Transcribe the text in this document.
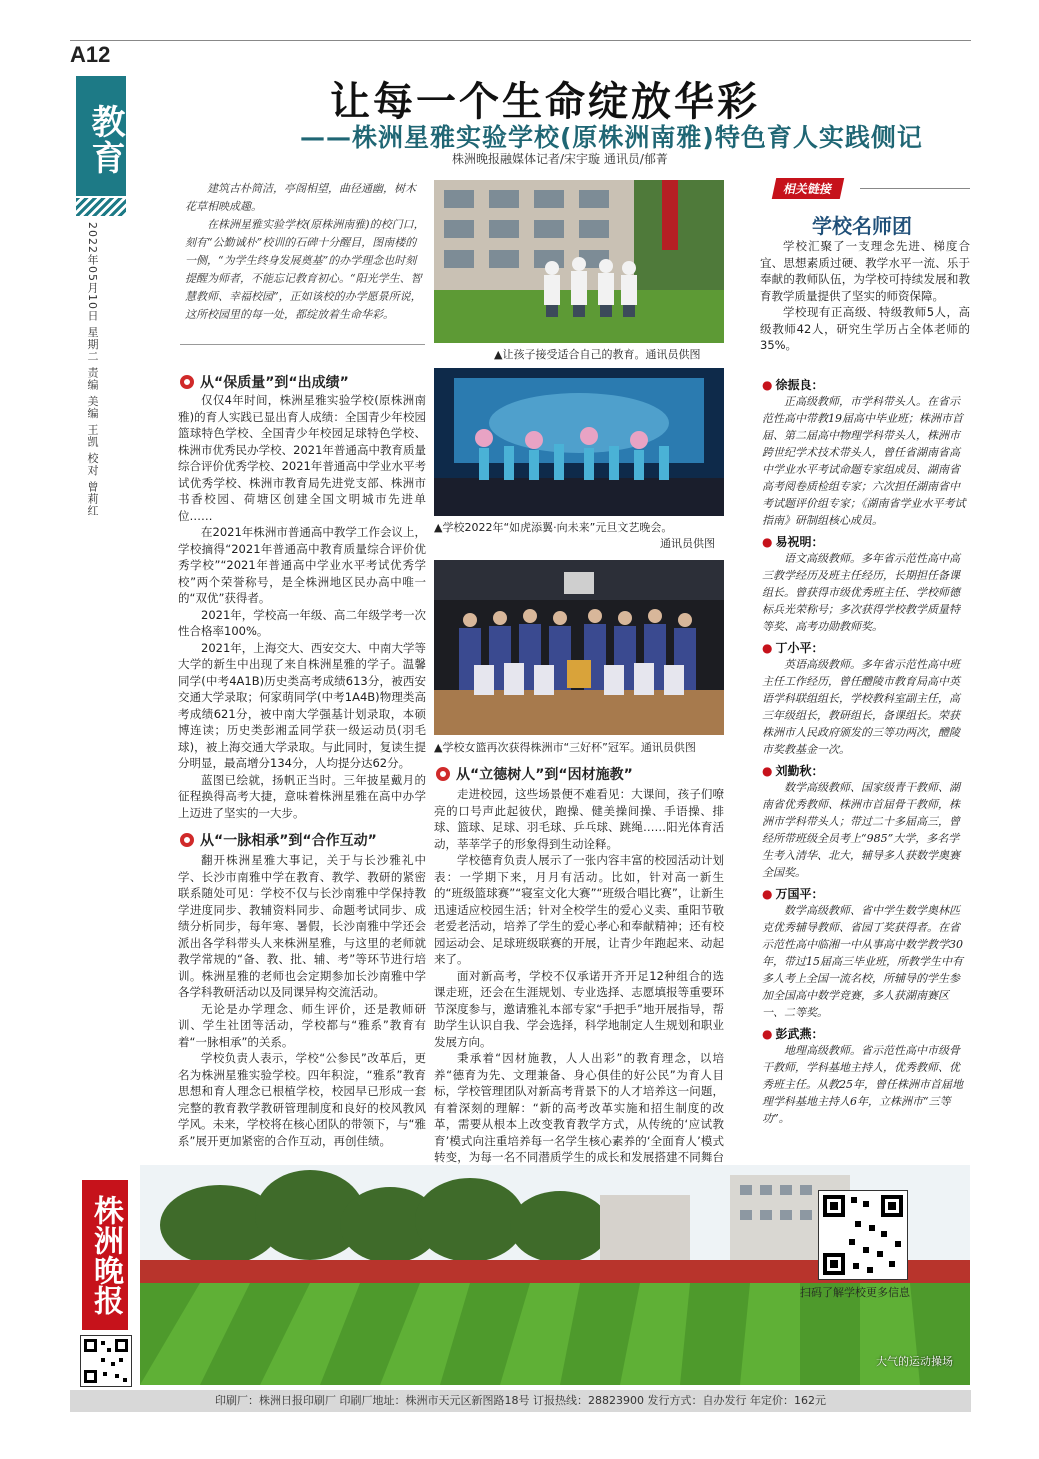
A12
教育
2022年05月10日 星期二 责编 美编 王凯 校对 曾莉红
让每一个生命绽放华彩
——株洲星雅实验学校(原株洲南雅)特色育人实践侧记
株洲晚报融媒体记者/宋宇璇 通讯员/郁菁

建筑古朴简洁，亭阁相望，曲径通幽，树木花草相映成趣。

在株洲星雅实验学校(原株洲南雅)的校门口，刻有“公勤诚朴”校训的石碑十分醒目，图南楼的一侧，“为学生终身发展奠基”的办学理念也时刻提醒为师者，不能忘记教育初心。“阳光学生、智慧教师、幸福校园”，正如该校的办学愿景所说，这所校园里的每一处，都绽放着生命华彩。

从“保质量”到“出成绩”

仅仅4年时间，株洲星雅实验学校(原株洲南雅)的育人实践已显出育人成绩：全国青少年校园篮球特色学校、全国青少年校园足球特色学校、株洲市优秀民办学校、2021年普通高中教育质量综合评价优秀学校、2021年普通高中学业水平考试优秀学校、株洲市教育局先进党支部、株洲市书香校园、荷塘区创建全国文明城市先进单位……

在2021年株洲市普通高中教学工作会议上，学校摘得“2021年普通高中教育质量综合评价优秀学校”“2021年普通高中学业水平考试优秀学校”两个荣誉称号，是全株洲地区民办高中唯一的“双优”获得者。

2021年，学校高一年级、高二年级学考一次性合格率100%。

2021年，上海交大、西安交大、中南大学等大学的新生中出现了来自株洲星雅的学子。温馨同学(中考4A1B)历史类高考成绩613分，被西安交通大学录取；何家萌同学(中考1A4B)物理类高考成绩621分，被中南大学强基计划录取，本硕博连读；历史类彭湘孟同学获一级运动员(羽毛球)，被上海交通大学录取。与此同时，复读生提分明显，最高增分134分，人均提分达62分。

蓝图已绘就，扬帆正当时。三年披星戴月的征程换得高考大捷，意味着株洲星雅在高中办学上迈进了坚实的一大步。

从“一脉相承”到“合作互动”

翻开株洲星雅大事记，关于与长沙雅礼中学、长沙市南雅中学在教育、教学、教研的紧密联系随处可见：学校不仅与长沙南雅中学保持教学进度同步、教辅资料同步、命题考试同步、成绩分析同步，每年寒、暑假，长沙南雅中学还会派出各学科带头人来株洲星雅，与这里的老师就教学常规的“备、教、批、辅、考”等环节进行培训。株洲星雅的老师也会定期参加长沙南雅中学各学科教研活动以及同课异构交流活动。

无论是办学理念、师生评价，还是教师研训、学生社团等活动，学校都与“雅系”教育有着“一脉相承”的关系。

学校负责人表示，学校“公参民”改革后，更名为株洲星雅实验学校。四年积淀，“雅系”教育思想和育人理念已根植学校，校园早已形成一套完整的教育教学教研管理制度和良好的校风教风学风。未来，学校将在核心团队的带领下，与“雅系”展开更加紧密的合作互动，再创佳绩。

▲让孩子接受适合自己的教育。通讯员供图
▲学校2022年“如虎添翼·向未来”元旦文艺晚会。
通讯员供图
▲学校女篮再次获得株洲市“三好杯”冠军。通讯员供图
从“立德树人”到“因材施教”

走进校园，这些场景便不难看见：大课间，孩子们嘹亮的口号声此起彼伏，跑操、健美操间操、手语操、排球、篮球、足球、羽毛球、乒乓球、跳绳……阳光体育活动，莘莘学子的形象得到生动诠释。

学校德育负责人展示了一张内容丰富的校园活动计划表：一学期下来，月月有活动。比如，针对高一新生的“班级篮球赛”“寝室文化大赛”“班级合唱比赛”，让新生迅速适应校园生活；针对全校学生的爱心义卖、重阳节敬老爱老活动，培养了学生的爱心孝心和奉献精神；还有校园运动会、足球班级联赛的开展，让青少年跑起来、动起来了。

面对新高考，学校不仅承诺开齐开足12种组合的选课走班，还会在生涯规划、专业选择、志愿填报等重要环节深度参与，邀请雅礼本部专家“手把手”地开展指导，帮助学生认识自我、学会选择，科学地制定人生规划和职业发展方向。

秉承着“因材施教，人人出彩”的教育理念，以培养“德育为先、文理兼备、身心俱佳的好公民”为育人目标，学校管理团队对新高考背景下的人才培养这一问题，有着深刻的理解：“新的高考改革实施和招生制度的改革，需要从根本上改变教育教学方式，从传统的‘应试教育’模式向注重培养每一名学生核心素养的‘全面育人’模式转变，为每一名不同潜质学生的成长和发展搭建不同舞台

相关链接
学校名师团

学校汇聚了一支理念先进、梯度合宜、思想素质过硬、教学水平一流、乐于奉献的教师队伍，为学校可持续发展和教育教学质量提供了坚实的师资保障。

学校现有正高级、特级教师5人，高级教师42人，研究生学历占全体老师的35%。

● 徐振良：

正高级教师，市学科带头人。在省示范性高中带教19届高中毕业班；株洲市首届、第二届高中物理学科带头人，株洲市跨世纪学术技术带头人，曾任省湖南省高中学业水平考试命题专家组成员、湖南省高考阅卷质检组专家；六次担任湖南省中考试题评价组专家；《湖南省学业水平考试指南》研制组核心成员。

● 易祝明：

语文高级教师。多年省示范性高中高三教学经历及班主任经历，长期担任备课组长。曾获得市级优秀班主任、学校师德标兵光荣称号；多次获得学校教学质量特等奖、高考功勋教师奖。

● 丁小平：

英语高级教师。多年省示范性高中班主任工作经历，曾任醴陵市教育局高中英语学科联组组长，学校教科室副主任，高三年级组长，教研组长，备课组长。荣获株洲市人民政府颁发的三等功两次，醴陵市奖教基金一次。

● 刘勤秋：

数学高级教师、国家级青干教师、湖南省优秀教师、株洲市首届骨干教师，株洲市学科带头人；带过二十多届高三，曾经所带班级全员考上“985”大学，多名学生考入清华、北大，辅导多人获数学奥赛全国奖。

● 万国平：

数学高级教师、省中学生数学奥林匹克优秀辅导教师、省园丁奖获得者。在省示范性高中临湘一中从事高中数学教学30年，带过15届高三毕业班，所教学生中有多人考上全国一流名校，所辅导的学生参加全国高中数学竞赛，多人获湖南赛区一、二等奖。

● 彭武燕：

地理高级教师。省示范性高中市级骨干教师，学科基地主持人，优秀教师、优秀班主任。从教25年，曾任株洲市首届地理学科基地主持人6年，立株洲市“三等功”。

扫码了解学校更多信息
大气的运动操场
株洲晚报
印刷厂：株洲日报印刷厂 印刷厂地址：株洲市天元区新图路18号 订报热线：28823900 发行方式：自办发行 年定价：162元
